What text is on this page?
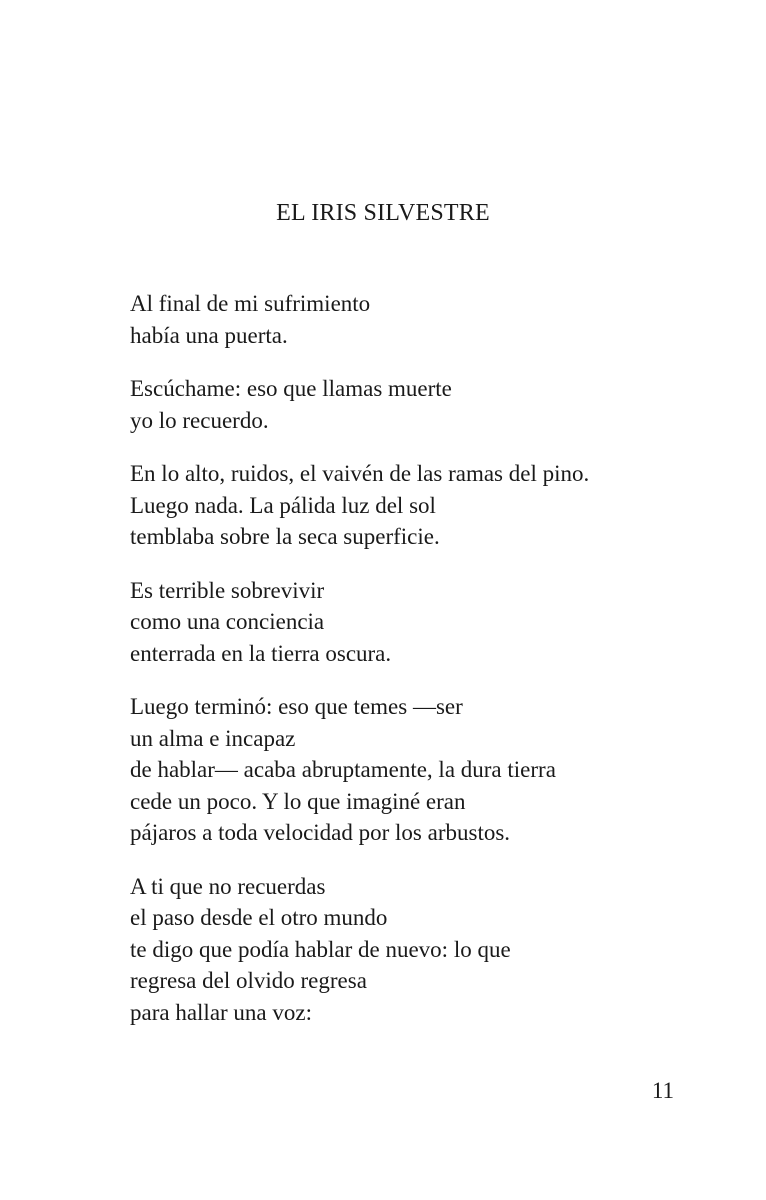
EL IRIS SILVESTRE
Al final de mi sufrimiento
había una puerta.
Escúchame: eso que llamas muerte
yo lo recuerdo.
En lo alto, ruidos, el vaivén de las ramas del pino.
Luego nada. La pálida luz del sol
temblaba sobre la seca superficie.
Es terrible sobrevivir
como una conciencia
enterrada en la tierra oscura.
Luego terminó: eso que temes —ser
un alma e incapaz
de hablar— acaba abruptamente, la dura tierra
cede un poco. Y lo que imaginé eran
pájaros a toda velocidad por los arbustos.
A ti que no recuerdas
el paso desde el otro mundo
te digo que podía hablar de nuevo: lo que
regresa del olvido regresa
para hallar una voz:
11
